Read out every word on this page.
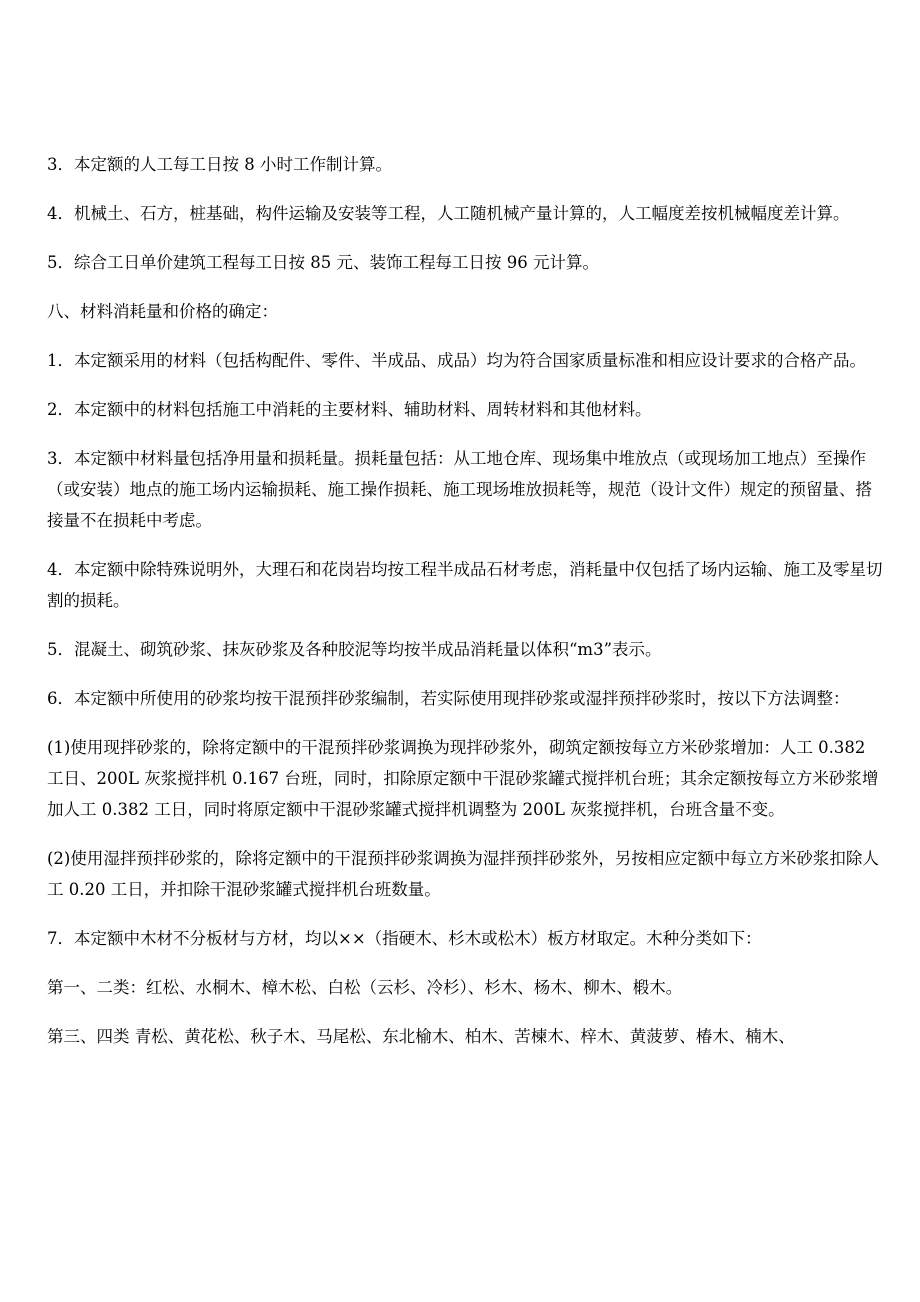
3．本定额的人工每工日按 8 小时工作制计算。

4．机械土、石方，桩基础，构件运输及安装等工程，人工随机械产量计算的，人工幅度差按机械幅度差计算。

5．综合工日单价建筑工程每工日按 85 元、装饰工程每工日按 96 元计算。

八、材料消耗量和价格的确定：

1．本定额采用的材料（包括构配件、零件、半成品、成品）均为符合国家质量标准和相应设计要求的合格产品。

2．本定额中的材料包括施工中消耗的主要材料、辅助材料、周转材料和其他材料。

3．本定额中材料量包括净用量和损耗量。损耗量包括：从工地仓库、现场集中堆放点（或现场加工地点）至操作（或安装）地点的施工场内运输损耗、施工操作损耗、施工现场堆放损耗等，规范（设计文件）规定的预留量、搭接量不在损耗中考虑。

4．本定额中除特殊说明外，大理石和花岗岩均按工程半成品石材考虑，消耗量中仅包括了场内运输、施工及零星切割的损耗。

5．混凝土、砌筑砂浆、抹灰砂浆及各种胶泥等均按半成品消耗量以体积“m3”表示。

6．本定额中所使用的砂浆均按干混预拌砂浆编制，若实际使用现拌砂浆或湿拌预拌砂浆时，按以下方法调整：

(1)使用现拌砂浆的，除将定额中的干混预拌砂浆调换为现拌砂浆外，砌筑定额按每立方米砂浆增加：人工 0.382 工日、200L 灰浆搅拌机 0.167 台班，同时，扣除原定额中干混砂浆罐式搅拌机台班；其余定额按每立方米砂浆增加人工 0.382 工日，同时将原定额中干混砂浆罐式搅拌机调整为 200L 灰浆搅拌机，台班含量不变。

(2)使用湿拌预拌砂浆的，除将定额中的干混预拌砂浆调换为湿拌预拌砂浆外，另按相应定额中每立方米砂浆扣除人工 0.20 工日，并扣除干混砂浆罐式搅拌机台班数量。

7．本定额中木材不分板材与方材，均以××（指硬木、杉木或松木）板方材取定。木种分类如下：

第一、二类：红松、水桐木、樟木松、白松（云杉、冷杉）、杉木、杨木、柳木、椴木。

第三、四类 青松、黄花松、秋子木、马尾松、东北榆木、柏木、苦楝木、梓木、黄菠萝、椿木、楠木、
